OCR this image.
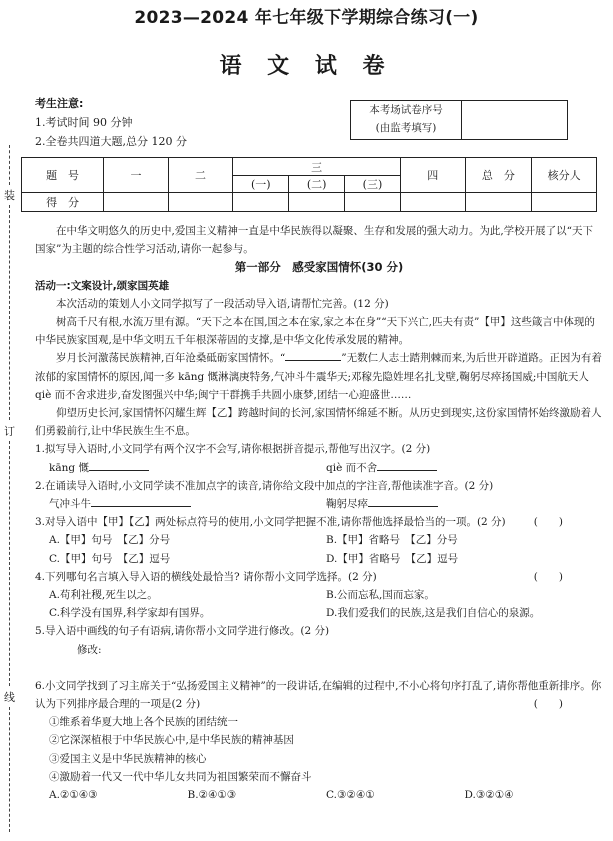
2023—2024 年七年级下学期综合练习(一)
语 文 试 卷
考生注意:
1.考试时间 90 分钟
2.全卷共四道大题,总分 120 分
本考场试卷序号
(由监考填写)
题　号	一	二	三			四	总　分	核分人
			(一)	(二)	(三)			
得　分								
装
订
线

在中华文明悠久的历史中,爱国主义精神一直是中华民族得以凝聚、生存和发展的强大动力。为此,学校开展了以“天下国家”为主题的综合性学习活动,请你一起参与。

第一部分　感受家国情怀(30 分)

活动一:文案设计,颂家国英雄

本次活动的策划人小文同学拟写了一段活动导入语,请帮忙完善。(12 分)

树高千尺有根,水流万里有源。“天下之本在国,国之本在家,家之本在身”“天下兴亡,匹夫有责”【甲】这些箴言中体现的中华民族家国观,是中华文明五千年根深蒂固的支撑,是中华文化传承发展的精神。

岁月长河激荡民族精神,百年沧桑砥砺家国情怀。“	”无数仁人志士踏荆棘而来,为后世开辟道路。正因为有着浓郁的家国情怀的原因,闻一多 kāng 慨淋漓庚特务,气冲斗牛震华天;邓稼先隐姓埋名扎戈壁,鞠躬尽瘁扬国威;中国航天人 qiè 而不舍求进步,奋发图强兴中华;闽宁干群携手共圆小康梦,团结一心迎盛世……

仰望历史长河,家国情怀闪耀生辉【乙】跨越时间的长河,家国情怀绵延不断。从历史到现实,这份家国情怀始终激励着人们勇毅前行,让中华民族生生不息。

1.拟写导入语时,小文同学有两个汉字不会写,请你根据拼音提示,帮他写出汉字。(2 分)

kāng 慨	qiè 而不舍

2.在诵读导入语时,小文同学读不准加点字的读音,请你给文段中加点的字注音,帮他读准字音。(2 分)

气冲斗牛	鞠躬尽瘁

3.对导入语中【甲】【乙】两处标点符号的使用,小文同学把握不准,请你帮他选择最恰当的一项。(2 分)	(　　)

A.【甲】句号　【乙】分号	B.【甲】省略号　【乙】分号

C.【甲】句号　【乙】逗号	D.【甲】省略号　【乙】逗号

4.下列哪句名言填入导入语的横线处最恰当? 请你帮小文同学选择。(2 分)	(　　)

A.苟利社稷,死生以之。	B.公而忘私,国而忘家。

C.科学没有国界,科学家却有国界。	D.我们爱我们的民族,这是我们自信心的泉源。

5.导入语中画线的句子有语病,请你帮小文同学进行修改。(2 分)

修改:

6.小文同学找到了习主席关于“弘扬爱国主义精神”的一段讲话,在编辑的过程中,不小心将句序打乱了,请你帮他重新排序。你认为下列排序最合理的一项是(2 分)	(　　)

①维系着华夏大地上各个民族的团结统一

②它深深植根于中华民族心中,是中华民族的精神基因

③爱国主义是中华民族精神的核心

④激励着一代又一代中华儿女共同为祖国繁荣而不懈奋斗

A.②①④③	B.②④①③	C.③②④①	D.③②①④
